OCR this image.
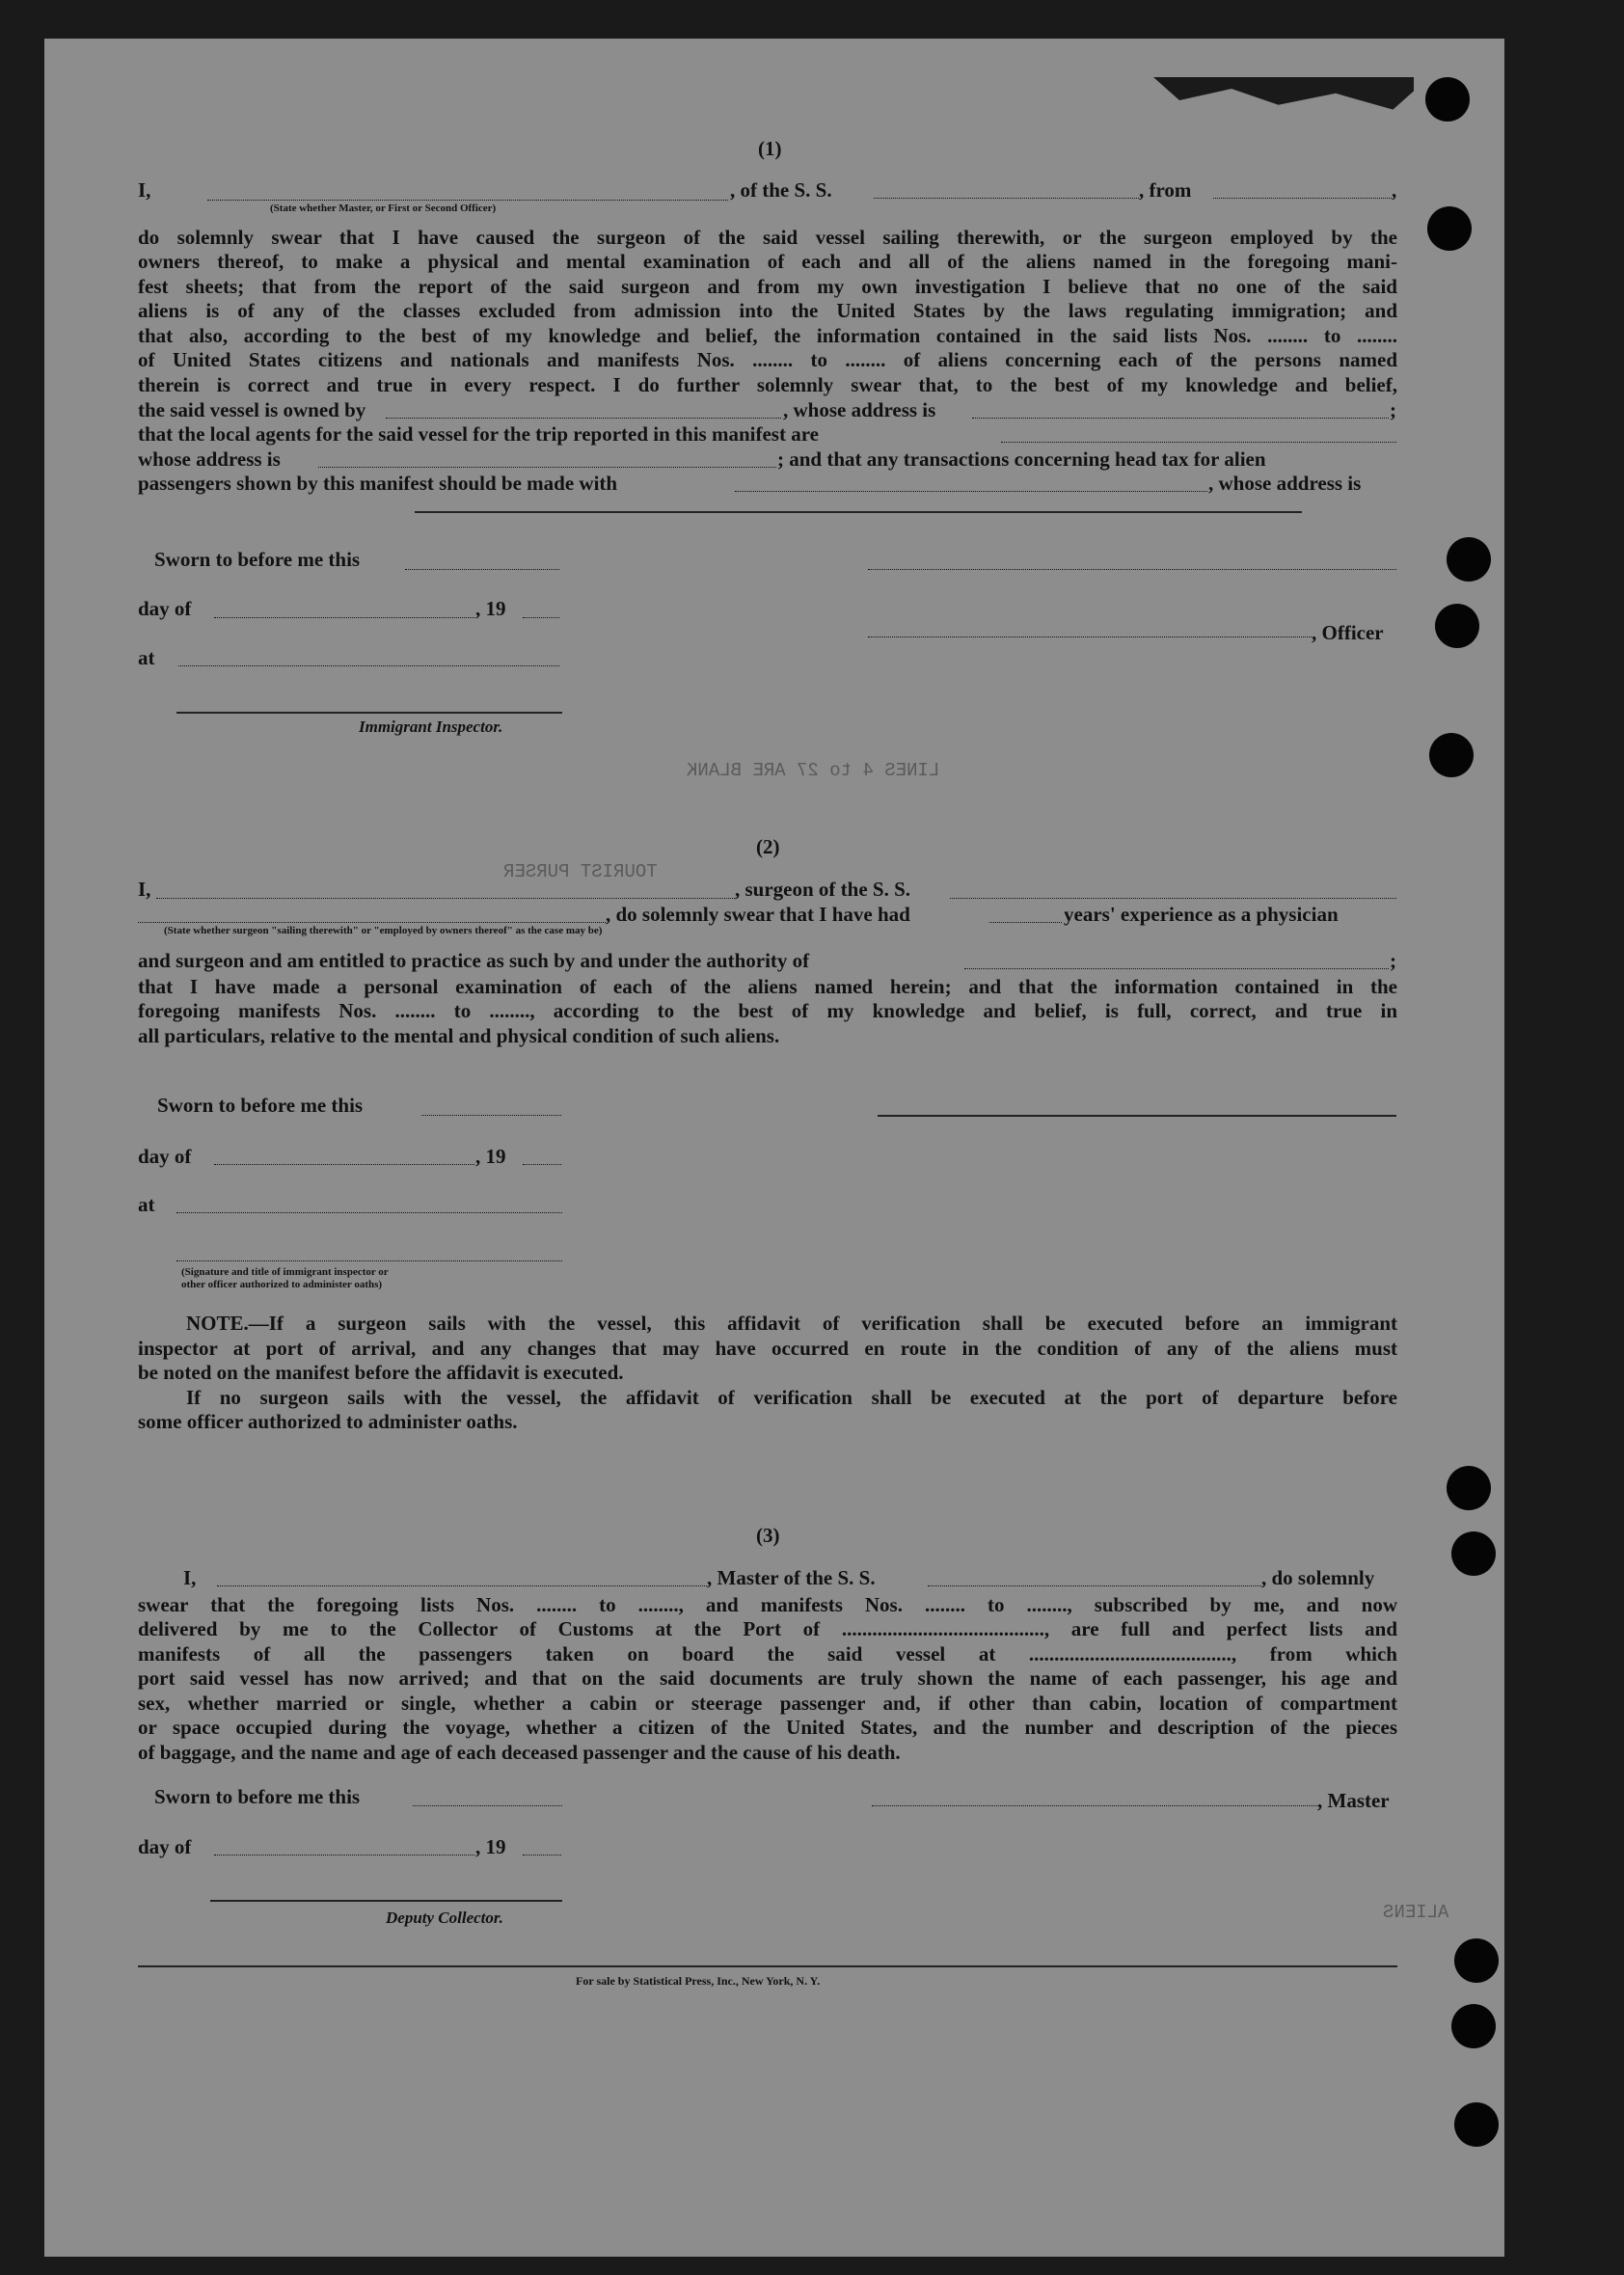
LINES 4 to 27 ARE BLANK
TOURIST PURSER
ALIENS
(1)
I,
(State whether Master, or First or Second Officer)
, of the S. S.	, from	,
do solemnly swear that I have caused the surgeon of the said vessel sailing therewith, or the surgeon employed by the
owners thereof, to make a physical and mental examination of each and all of the aliens named in the foregoing mani-
fest sheets; that from the report of the said surgeon and from my own investigation I believe that no one of the said
aliens is of any of the classes excluded from admission into the United States by the laws regulating immigration; and
that also, according to the best of my knowledge and belief, the information contained in the said lists Nos. ........ to ........
of United States citizens and nationals and manifests Nos. ........ to ........ of aliens concerning each of the persons named
therein is correct and true in every respect. I do further solemnly swear that, to the best of my knowledge and belief,
the said vessel is owned by	, whose address is	;
that the local agents for the said vessel for the trip reported in this manifest are
whose address is	; and that any transactions concerning head tax for alien
passengers shown by this manifest should be made with	, whose address is
Sworn to before me this
day of	, 19
, Officer
at
Immigrant Inspector.
(2)
I,	, surgeon of the S. S.
, do solemnly swear that I have had	years' experience as a physician
(State whether surgeon "sailing therewith" or "employed by owners thereof" as the case may be)
and surgeon and am entitled to practice as such by and under the authority of	;
that I have made a personal examination of each of the aliens named herein; and that the information contained in the
foregoing manifests Nos. ........ to ........, according to the best of my knowledge and belief, is full, correct, and true in
all particulars, relative to the mental and physical condition of such aliens.
Sworn to before me this
day of	, 19
at
(Signature and title of immigrant inspector or
other officer authorized to administer oaths)
NOTE.—If a surgeon sails with the vessel, this affidavit of verification shall be executed before an immigrant
inspector at port of arrival, and any changes that may have occurred en route in the condition of any of the aliens must
be noted on the manifest before the affidavit is executed.
If no surgeon sails with the vessel, the affidavit of verification shall be executed at the port of departure before
some officer authorized to administer oaths.
(3)
I,	, Master of the S. S.	, do solemnly
swear that the foregoing lists Nos. ........ to ........, and manifests Nos. ........ to ........, subscribed by me, and now
delivered by me to the Collector of Customs at the Port of ........................................, are full and perfect lists and
manifests of all the passengers taken on board the said vessel at ........................................, from which
port said vessel has now arrived; and that on the said documents are truly shown the name of each passenger, his age and
sex, whether married or single, whether a cabin or steerage passenger and, if other than cabin, location of compartment
or space occupied during the voyage, whether a citizen of the United States, and the number and description of the pieces
of baggage, and the name and age of each deceased passenger and the cause of his death.
Sworn to before me this	, Master
day of	, 19
Deputy Collector.
For sale by Statistical Press, Inc., New York, N. Y.
